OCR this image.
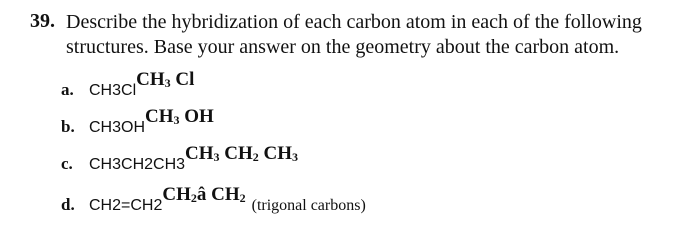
39. Describe the hybridization of each carbon atom in each of the following structures. Base your answer on the geometry about the carbon atom.
a. CH3ClCH$_3$ Cl
b. $CH3OHCH_3$ OH
c. $CH3CH2CH3CH_3$ $CH_2$ $CH_3$
d. $CH2=CH2CH_2â$ $CH_2$ (trigonal carbons)
